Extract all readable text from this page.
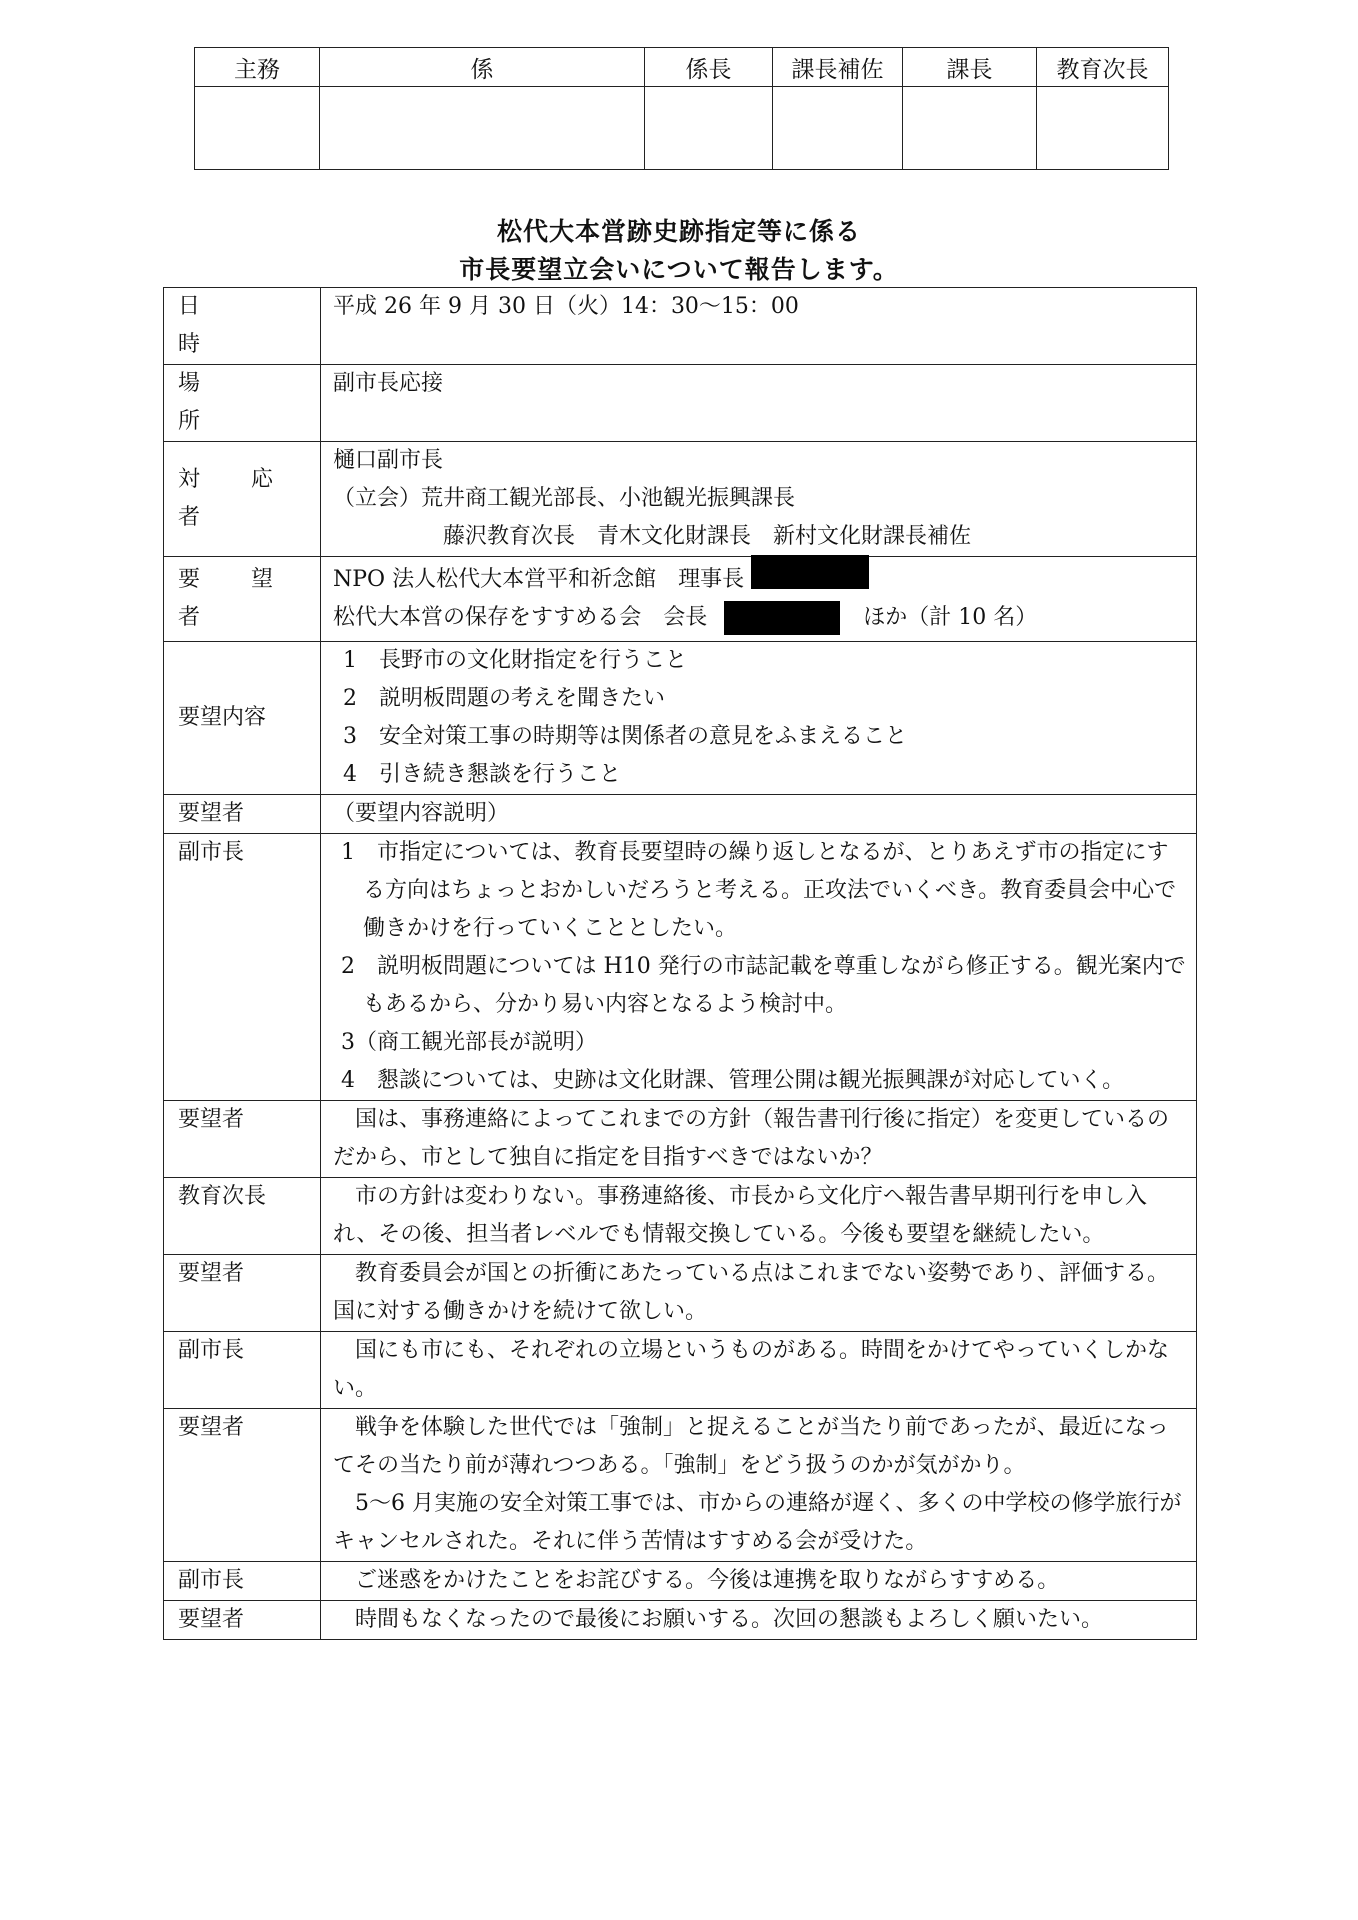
主務	係	係長	課長補佐	課長	教育次長

松代大本営跡史跡指定等に係る
市長要望立会いについて報告します。
日　時	平成 26 年 9 月 30 日（火）14：30～15：00
場　所	副市長応接
対 応 者	樋口副市長
（立会）荒井商工観光部長、小池観光振興課長
藤沢教育次長　青木文化財課長　新村文化財課長補佐

要 望 者	NPO 法人松代大本営平和祈念館　理事長
松代大本営の保存をすすめる会　会長 ほか（計 10 名）

要望内容	1　長野市の文化財指定を行うこと
2　説明板問題の考えを聞きたい
3　安全対策工事の時期等は関係者の意見をふまえること
4　引き続き懇談を行うこと

要望者	（要望内容説明）

副市長	1　市指定については、教育長要望時の繰り返しとなるが、とりあえず市の指定にする方向はちょっとおかしいだろうと考える。正攻法でいくべき。教育委員会中心で働きかけを行っていくこととしたい。
2　説明板問題については H10 発行の市誌記載を尊重しながら修正する。観光案内でもあるから、分かり易い内容となるよう検討中。
3（商工観光部長が説明）
4　懇談については、史跡は文化財課、管理公開は観光振興課が対応していく。

要望者	国は、事務連絡によってこれまでの方針（報告書刊行後に指定）を変更しているのだから、市として独自に指定を目指すべきではないか？

教育次長	市の方針は変わりない。事務連絡後、市長から文化庁へ報告書早期刊行を申し入れ、その後、担当者レベルでも情報交換している。今後も要望を継続したい。

要望者	教育委員会が国との折衝にあたっている点はこれまでない姿勢であり、評価する。国に対する働きかけを続けて欲しい。

副市長	国にも市にも、それぞれの立場というものがある。時間をかけてやっていくしかない。

要望者	戦争を体験した世代では「強制」と捉えることが当たり前であったが、最近になってその当たり前が薄れつつある。「強制」をどう扱うのかが気がかり。
5～6 月実施の安全対策工事では、市からの連絡が遅く、多くの中学校の修学旅行がキャンセルされた。それに伴う苦情はすすめる会が受けた。

副市長	ご迷惑をかけたことをお詫びする。今後は連携を取りながらすすめる。

要望者	時間もなくなったので最後にお願いする。次回の懇談もよろしく願いたい。
